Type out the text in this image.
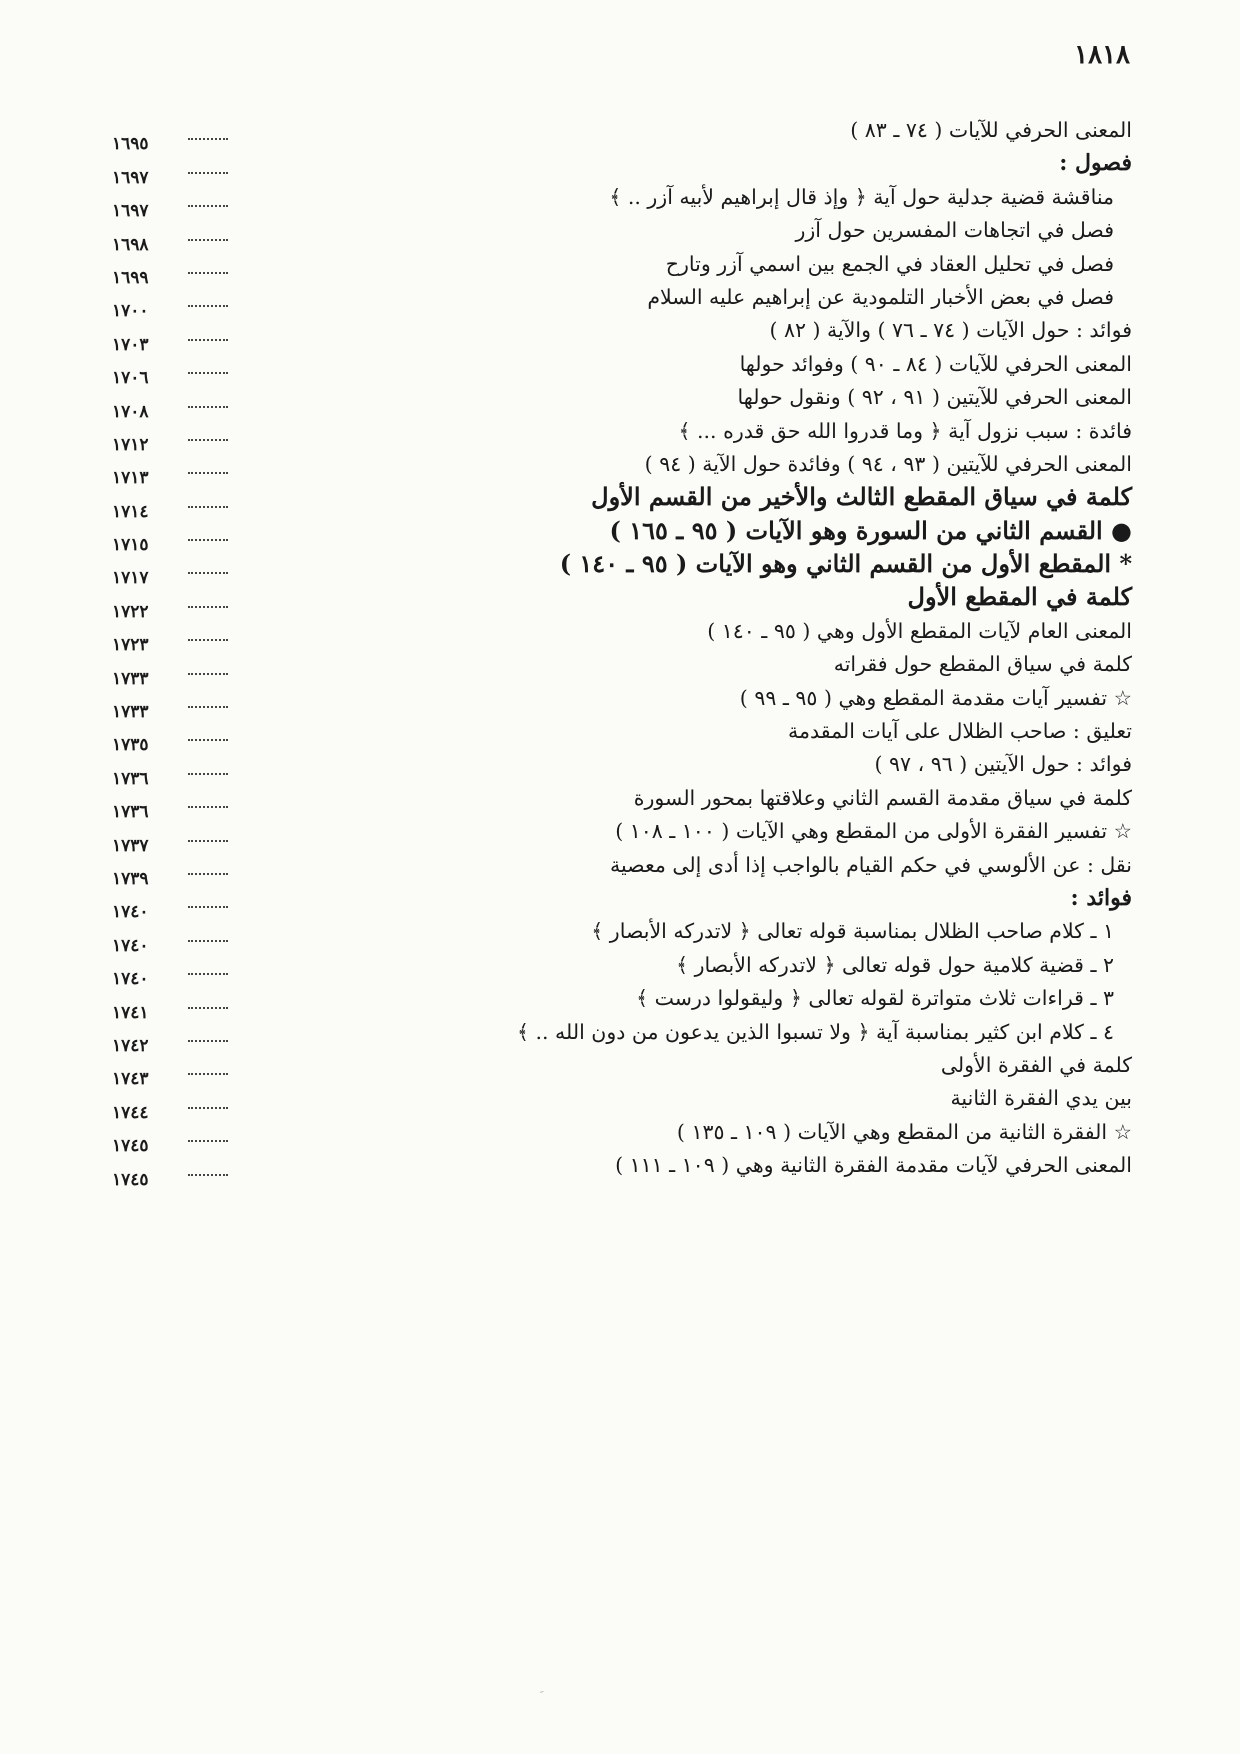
١٨١٨
المعنى الحرفي للآيات ( ٧٤ ـ ٨٣ )
١٦٩٥
فصول :
١٦٩٧
مناقشة قضية جدلية حول آية ﴿ وإذ قال إبراهيم لأبيه آزر .. ﴾
١٦٩٧
فصل في اتجاهات المفسرين حول آزر
١٦٩٨
فصل في تحليل العقاد في الجمع بين اسمي آزر وتارح
١٦٩٩
فصل في بعض الأخبار التلمودية عن إبراهيم عليه السلام
١٧٠٠
فوائد : حول الآيات ( ٧٤ ـ ٧٦ ) والآية ( ٨٢ )
١٧٠٣
المعنى الحرفي للآيات ( ٨٤ ـ ٩٠ ) وفوائد حولها
١٧٠٦
المعنى الحرفي للآيتين ( ٩١ ، ٩٢ ) ونقول حولها
١٧٠٨
فائدة : سبب نزول آية ﴿ وما قدروا الله حق قدره ... ﴾
١٧١٢
المعنى الحرفي للآيتين ( ٩٣ ، ٩٤ ) وفائدة حول الآية ( ٩٤ )
١٧١٣
كلمة في سياق المقطع الثالث والأخير من القسم الأول
١٧١٤
● القسم الثاني من السورة وهو الآيات ( ٩٥ ـ ١٦٥ )
١٧١٥
* المقطع الأول من القسم الثاني وهو الآيات ( ٩٥ ـ ١٤٠ )
١٧١٧
كلمة في المقطع الأول
١٧٢٢
المعنى العام لآيات المقطع الأول وهي ( ٩٥ ـ ١٤٠ )
١٧٢٣
كلمة في سياق المقطع حول فقراته
١٧٣٣
☆ تفسير آيات مقدمة المقطع وهي ( ٩٥ ـ ٩٩ )
١٧٣٣
تعليق : صاحب الظلال على آيات المقدمة
١٧٣٥
فوائد : حول الآيتين ( ٩٦ ، ٩٧ )
١٧٣٦
كلمة في سياق مقدمة القسم الثاني وعلاقتها بمحور السورة
١٧٣٦
☆ تفسير الفقرة الأولى من المقطع وهي الآيات ( ١٠٠ ـ ١٠٨ )
١٧٣٧
نقل : عن الألوسي في حكم القيام بالواجب إذا أدى إلى معصية
١٧٣٩
فوائد :
١٧٤٠
١ ـ كلام صاحب الظلال بمناسبة قوله تعالى ﴿ لاتدركه الأبصار ﴾
١٧٤٠
٢ ـ قضية كلامية حول قوله تعالى ﴿ لاتدركه الأبصار ﴾
١٧٤٠
٣ ـ قراءات ثلاث متواترة لقوله تعالى ﴿ وليقولوا درست ﴾
١٧٤١
٤ ـ كلام ابن كثير بمناسبة آية ﴿ ولا تسبوا الذين يدعون من دون الله .. ﴾
١٧٤٢
كلمة في الفقرة الأولى
١٧٤٣
بين يدي الفقرة الثانية
١٧٤٤
☆ الفقرة الثانية من المقطع وهي الآيات ( ١٠٩ ـ ١٣٥ )
١٧٤٥
المعنى الحرفي لآيات مقدمة الفقرة الثانية وهي ( ١٠٩ ـ ١١١ )
١٧٤٥
ﹺ
